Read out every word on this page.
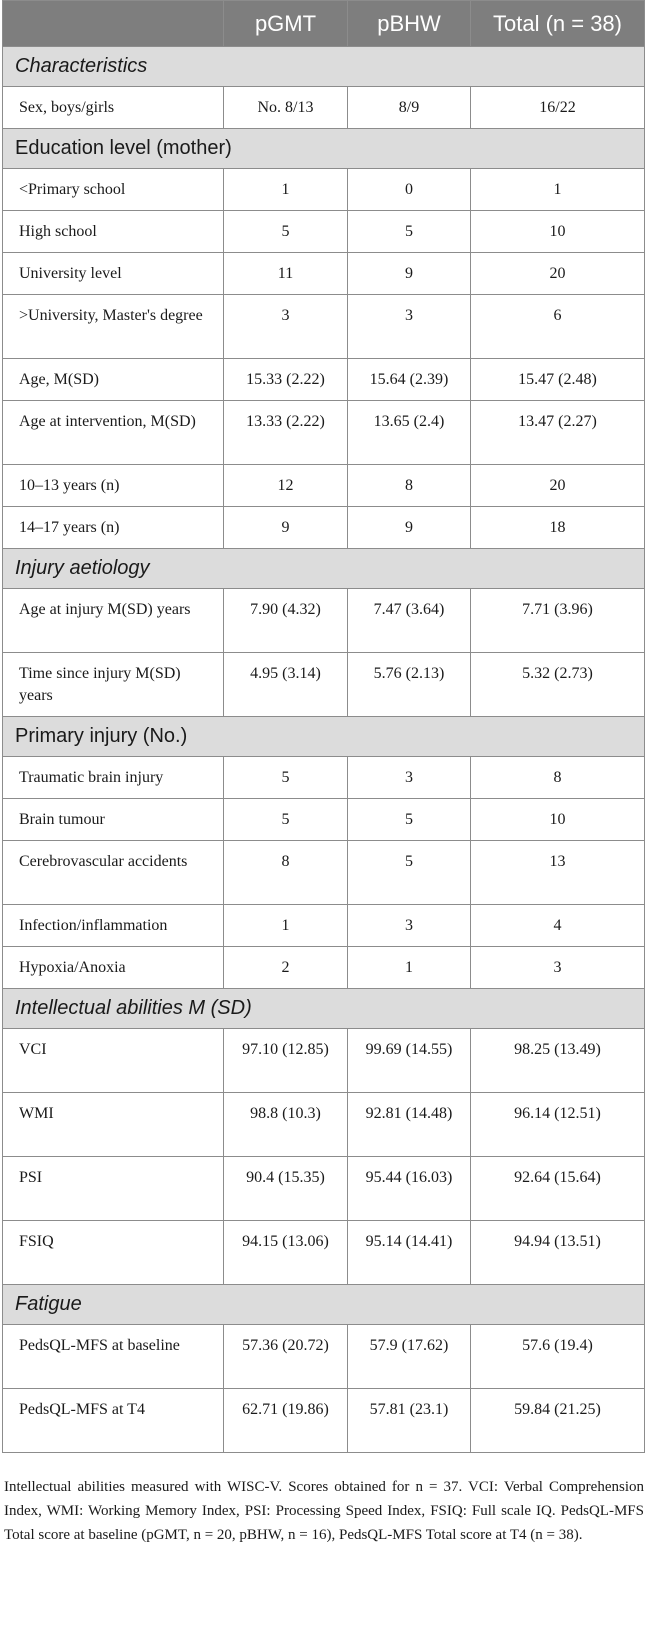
	pGMT	pBHW	Total (n = 38)
Characteristics			
Sex, boys/girls	No. 8/13	8/9	16/22
Education level (mother)			
<Primary school	1	0	1
High school	5	5	10
University level	11	9	20
>University, Master's degree	3	3	6
Age, M(SD)	15.33 (2.22)	15.64 (2.39)	15.47 (2.48)
Age at intervention, M(SD)	13.33 (2.22)	13.65 (2.4)	13.47 (2.27)
10–13 years (n)	12	8	20
14–17 years (n)	9	9	18
Injury aetiology			
Age at injury M(SD) years	7.90 (4.32)	7.47 (3.64)	7.71 (3.96)
Time since injury M(SD) years	4.95 (3.14)	5.76 (2.13)	5.32 (2.73)
Primary injury (No.)			
Traumatic brain injury	5	3	8
Brain tumour	5	5	10
Cerebrovascular accidents	8	5	13
Infection/inflammation	1	3	4
Hypoxia/Anoxia	2	1	3
Intellectual abilities M (SD)			
VCI	97.10 (12.85)	99.69 (14.55)	98.25 (13.49)
WMI	98.8 (10.3)	92.81 (14.48)	96.14 (12.51)
PSI	90.4 (15.35)	95.44 (16.03)	92.64 (15.64)
FSIQ	94.15 (13.06)	95.14 (14.41)	94.94 (13.51)
Fatigue			
PedsQL-MFS at baseline	57.36 (20.72)	57.9 (17.62)	57.6 (19.4)
PedsQL-MFS at T4	62.71 (19.86)	57.81 (23.1)	59.84 (21.25)
Intellectual abilities measured with WISC-V. Scores obtained for n = 37. VCI: Verbal Comprehension Index, WMI: Working Memory Index, PSI: Processing Speed Index, FSIQ: Full scale IQ. PedsQL-MFS Total score at baseline (pGMT, n = 20, pBHW, n = 16), PedsQL-MFS Total score at T4 (n = 38).
